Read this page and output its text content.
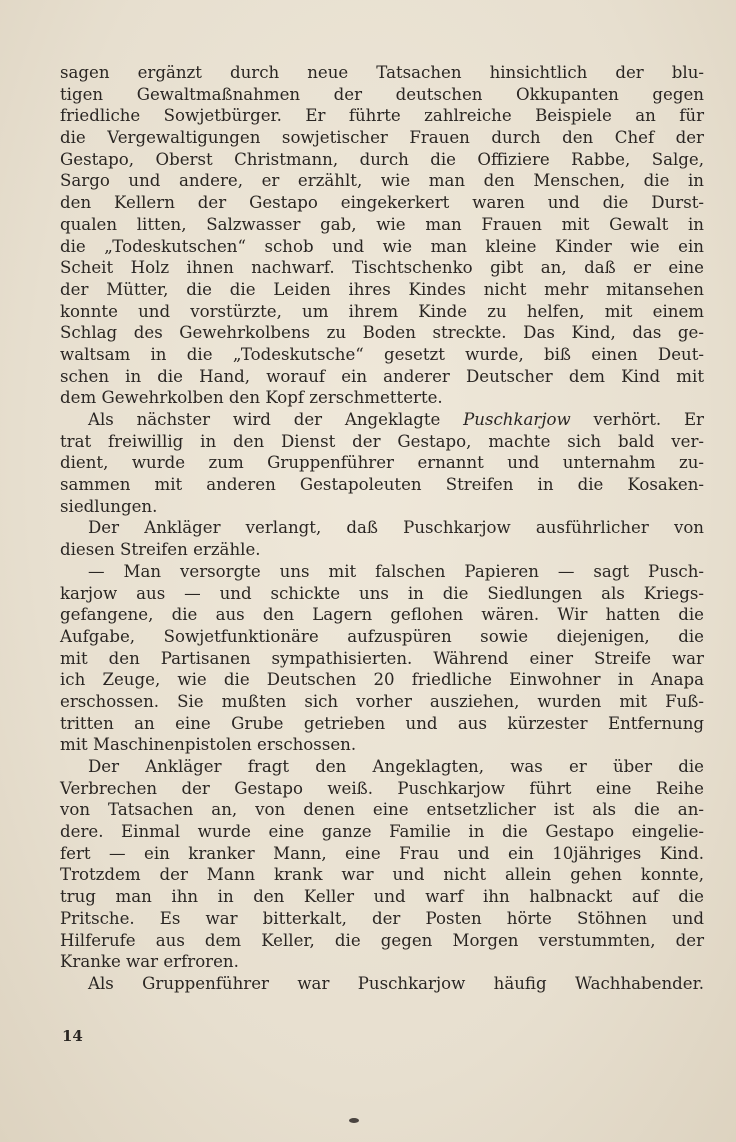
sagen ergänzt durch neue Tatsachen hinsichtlich der blu-
tigen Gewaltmaßnahmen der deutschen Okkupanten gegen
friedliche Sowjetbürger. Er führte zahlreiche Beispiele an für
die Vergewaltigungen sowjetischer Frauen durch den Chef der
Gestapo, Oberst Christmann, durch die Offiziere Rabbe, Salge,
Sargo und andere, er erzählt, wie man den Menschen, die in
den Kellern der Gestapo eingekerkert waren und die Durst-
qualen litten, Salzwasser gab, wie man Frauen mit Gewalt in
die „Todeskutschen“ schob und wie man kleine Kinder wie ein
Scheit Holz ihnen nachwarf. Tischtschenko gibt an, daß er eine
der Mütter, die die Leiden ihres Kindes nicht mehr mitansehen
konnte und vorstürzte, um ihrem Kinde zu helfen, mit einem
Schlag des Gewehrkolbens zu Boden streckte. Das Kind, das ge-
waltsam in die „Todeskutsche“ gesetzt wurde, biß einen Deut-
schen in die Hand, worauf ein anderer Deutscher dem Kind mit
dem Gewehrkolben den Kopf zerschmetterte.
Als nächster wird der Angeklagte Puschkarjow verhört. Er
trat freiwillig in den Dienst der Gestapo, machte sich bald ver-
dient, wurde zum Gruppenführer ernannt und unternahm zu-
sammen mit anderen Gestapoleuten Streifen in die Kosaken-
siedlungen.
Der Ankläger verlangt, daß Puschkarjow ausführlicher von
diesen Streifen erzähle.
— Man versorgte uns mit falschen Papieren — sagt Pusch-
karjow aus — und schickte uns in die Siedlungen als Kriegs-
gefangene, die aus den Lagern geflohen wären. Wir hatten die
Aufgabe, Sowjetfunktionäre aufzuspüren sowie diejenigen, die
mit den Partisanen sympathisierten. Während einer Streife war
ich Zeuge, wie die Deutschen 20 friedliche Einwohner in Anapa
erschossen. Sie mußten sich vorher ausziehen, wurden mit Fuß-
tritten an eine Grube getrieben und aus kürzester Entfernung
mit Maschinenpistolen erschossen.
Der Ankläger fragt den Angeklagten, was er über die
Verbrechen der Gestapo weiß. Puschkarjow führt eine Reihe
von Tatsachen an, von denen eine entsetzlicher ist als die an-
dere. Einmal wurde eine ganze Familie in die Gestapo eingelie-
fert — ein kranker Mann, eine Frau und ein 10jähriges Kind.
Trotzdem der Mann krank war und nicht allein gehen konnte,
trug man ihn in den Keller und warf ihn halbnackt auf die
Pritsche. Es war bitterkalt, der Posten hörte Stöhnen und
Hilferufe aus dem Keller, die gegen Morgen verstummten, der
Kranke war erfroren.
Als Gruppenführer war Puschkarjow häufig Wachhabender.
14
